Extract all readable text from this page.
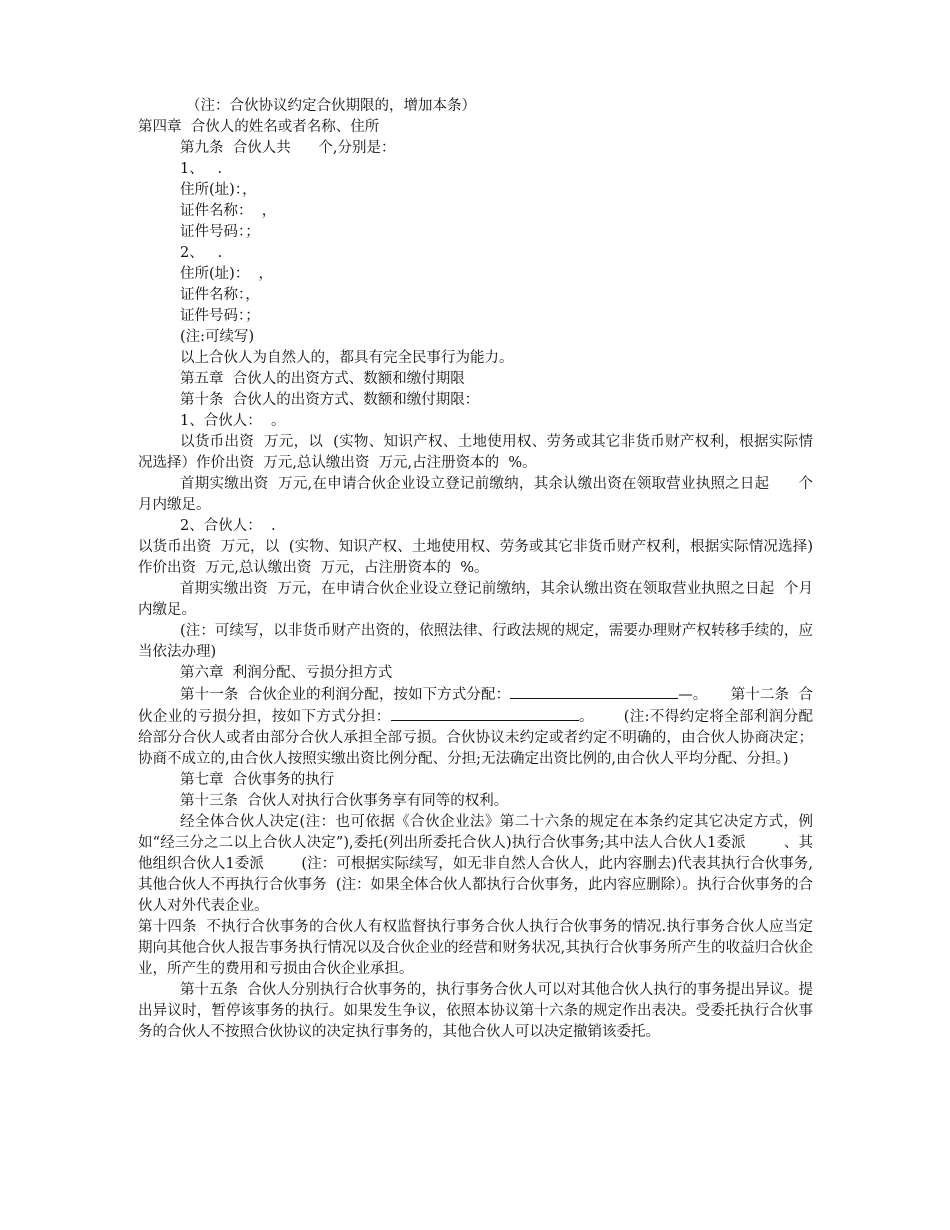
（注：合伙协议约定合伙期限的，增加本条）

第四章  合伙人的姓名或者名称、住所

第九条  合伙人共      个,分别是：

1、   .

住所(址)：，

证件名称：  ，

证件号码：；

2、   .

住所(址)：  ，

证件名称：，

证件号码：；

(注:可续写)

以上合伙人为自然人的，都具有完全民事行为能力。

第五章  合伙人的出资方式、数额和缴付期限

第十条  合伙人的出资方式、数额和缴付期限：

1、合伙人：  。

以货币出资  万元，以  (实物、知识产权、土地使用权、劳务或其它非货币财产权利，根据实际情况选择）作价出资  万元,总认缴出资  万元,占注册资本的  %。

首期实缴出资  万元,在申请合伙企业设立登记前缴纳，其余认缴出资在领取营业执照之日起      个月内缴足。

2、合伙人：  .

以货币出资  万元，以  (实物、知识产权、土地使用权、劳务或其它非货币财产权利，根据实际情况选择)作价出资  万元,总认缴出资  万元，占注册资本的  %。

首期实缴出资  万元，在申请合伙企业设立登记前缴纳，其余认缴出资在领取营业执照之日起  个月内缴足。

(注：可续写，以非货币财产出资的，依照法律、行政法规的规定，需要办理财产权转移手续的，应当依法办理)

第六章  利润分配、亏损分担方式

第十一条  合伙企业的利润分配，按如下方式分配：	—。     第十二条  合伙企业的亏损分担，按如下方式分担：	。      (注:不得约定将全部利润分配给部分合伙人或者由部分合伙人承担全部亏损。合伙协议未约定或者约定不明确的，由合伙人协商决定；协商不成立的,由合伙人按照实缴出资比例分配、分担;无法确定出资比例的,由合伙人平均分配、分担。)

第七章  合伙事务的执行

第十三条  合伙人对执行合伙事务享有同等的权利。

经全体合伙人决定(注：也可依据《合伙企业法》第二十六条的规定在本条约定其它决定方式，例如“经三分之二以上合伙人决定”),委托(列出所委托合伙人)执行合伙事务;其中法人合伙人1委派        、其他组织合伙人1委派        (注：可根据实际续写，如无非自然人合伙人，此内容删去)代表其执行合伙事务,其他合伙人不再执行合伙事务  (注：如果全体合伙人都执行合伙事务，此内容应删除）。执行合伙事务的合伙人对外代表企业。

第十四条  不执行合伙事务的合伙人有权监督执行事务合伙人执行合伙事务的情况.执行事务合伙人应当定期向其他合伙人报告事务执行情况以及合伙企业的经营和财务状况,其执行合伙事务所产生的收益归合伙企业，所产生的费用和亏损由合伙企业承担。

第十五条  合伙人分别执行合伙事务的，执行事务合伙人可以对其他合伙人执行的事务提出异议。提出异议时，暂停该事务的执行。如果发生争议，依照本协议第十六条的规定作出表决。受委托执行合伙事务的合伙人不按照合伙协议的决定执行事务的，其他合伙人可以决定撤销该委托。
